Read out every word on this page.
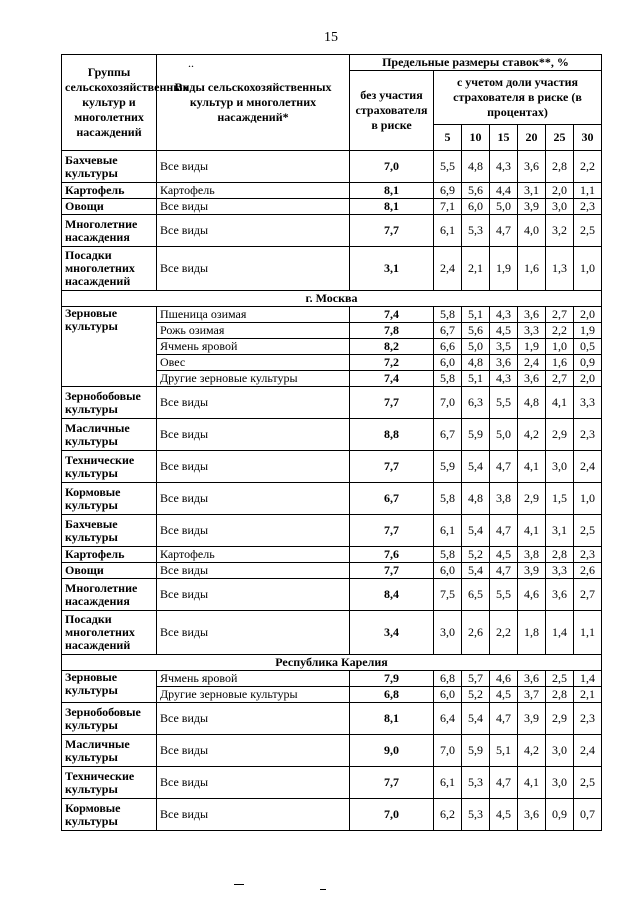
15
..
Группы сельскохозяйственных культур и многолетних насаждений	Виды сельскохозяйственных культур и многолетних насаждений*	Предельные размеры ставок**, %						
		без участия страхователя в риске	с учетом доли участия страхователя в риске (в процентах)					
			5	10	15	20	25	30
Бахчевые культуры	Все виды	7,0	5,5	4,8	4,3	3,6	2,8	2,2
Картофель	Картофель	8,1	6,9	5,6	4,4	3,1	2,0	1,1
Овощи	Все виды	8,1	7,1	6,0	5,0	3,9	3,0	2,3
Многолетние насаждения	Все виды	7,7	6,1	5,3	4,7	4,0	3,2	2,5
Посадки многолетних насаждений	Все виды	3,1	2,4	2,1	1,9	1,6	1,3	1,0
г. Москва								
Зерновые культуры	Пшеница озимая	7,4	5,8	5,1	4,3	3,6	2,7	2,0
	Рожь озимая	7,8	6,7	5,6	4,5	3,3	2,2	1,9
	Ячмень яровой	8,2	6,6	5,0	3,5	1,9	1,0	0,5
	Овес	7,2	6,0	4,8	3,6	2,4	1,6	0,9
	Другие зерновые культуры	7,4	5,8	5,1	4,3	3,6	2,7	2,0
Зернобобовые культуры	Все виды	7,7	7,0	6,3	5,5	4,8	4,1	3,3
Масличные культуры	Все виды	8,8	6,7	5,9	5,0	4,2	2,9	2,3
Технические культуры	Все виды	7,7	5,9	5,4	4,7	4,1	3,0	2,4
Кормовые культуры	Все виды	6,7	5,8	4,8	3,8	2,9	1,5	1,0
Бахчевые культуры	Все виды	7,7	6,1	5,4	4,7	4,1	3,1	2,5
Картофель	Картофель	7,6	5,8	5,2	4,5	3,8	2,8	2,3
Овощи	Все виды	7,7	6,0	5,4	4,7	3,9	3,3	2,6
Многолетние насаждения	Все виды	8,4	7,5	6,5	5,5	4,6	3,6	2,7
Посадки многолетних насаждений	Все виды	3,4	3,0	2,6	2,2	1,8	1,4	1,1
Республика Карелия								
Зерновые культуры	Ячмень яровой	7,9	6,8	5,7	4,6	3,6	2,5	1,4
	Другие зерновые культуры	6,8	6,0	5,2	4,5	3,7	2,8	2,1
Зернобобовые культуры	Все виды	8,1	6,4	5,4	4,7	3,9	2,9	2,3
Масличные культуры	Все виды	9,0	7,0	5,9	5,1	4,2	3,0	2,4
Технические культуры	Все виды	7,7	6,1	5,3	4,7	4,1	3,0	2,5
Кормовые культуры	Все виды	7,0	6,2	5,3	4,5	3,6	0,9	0,7
